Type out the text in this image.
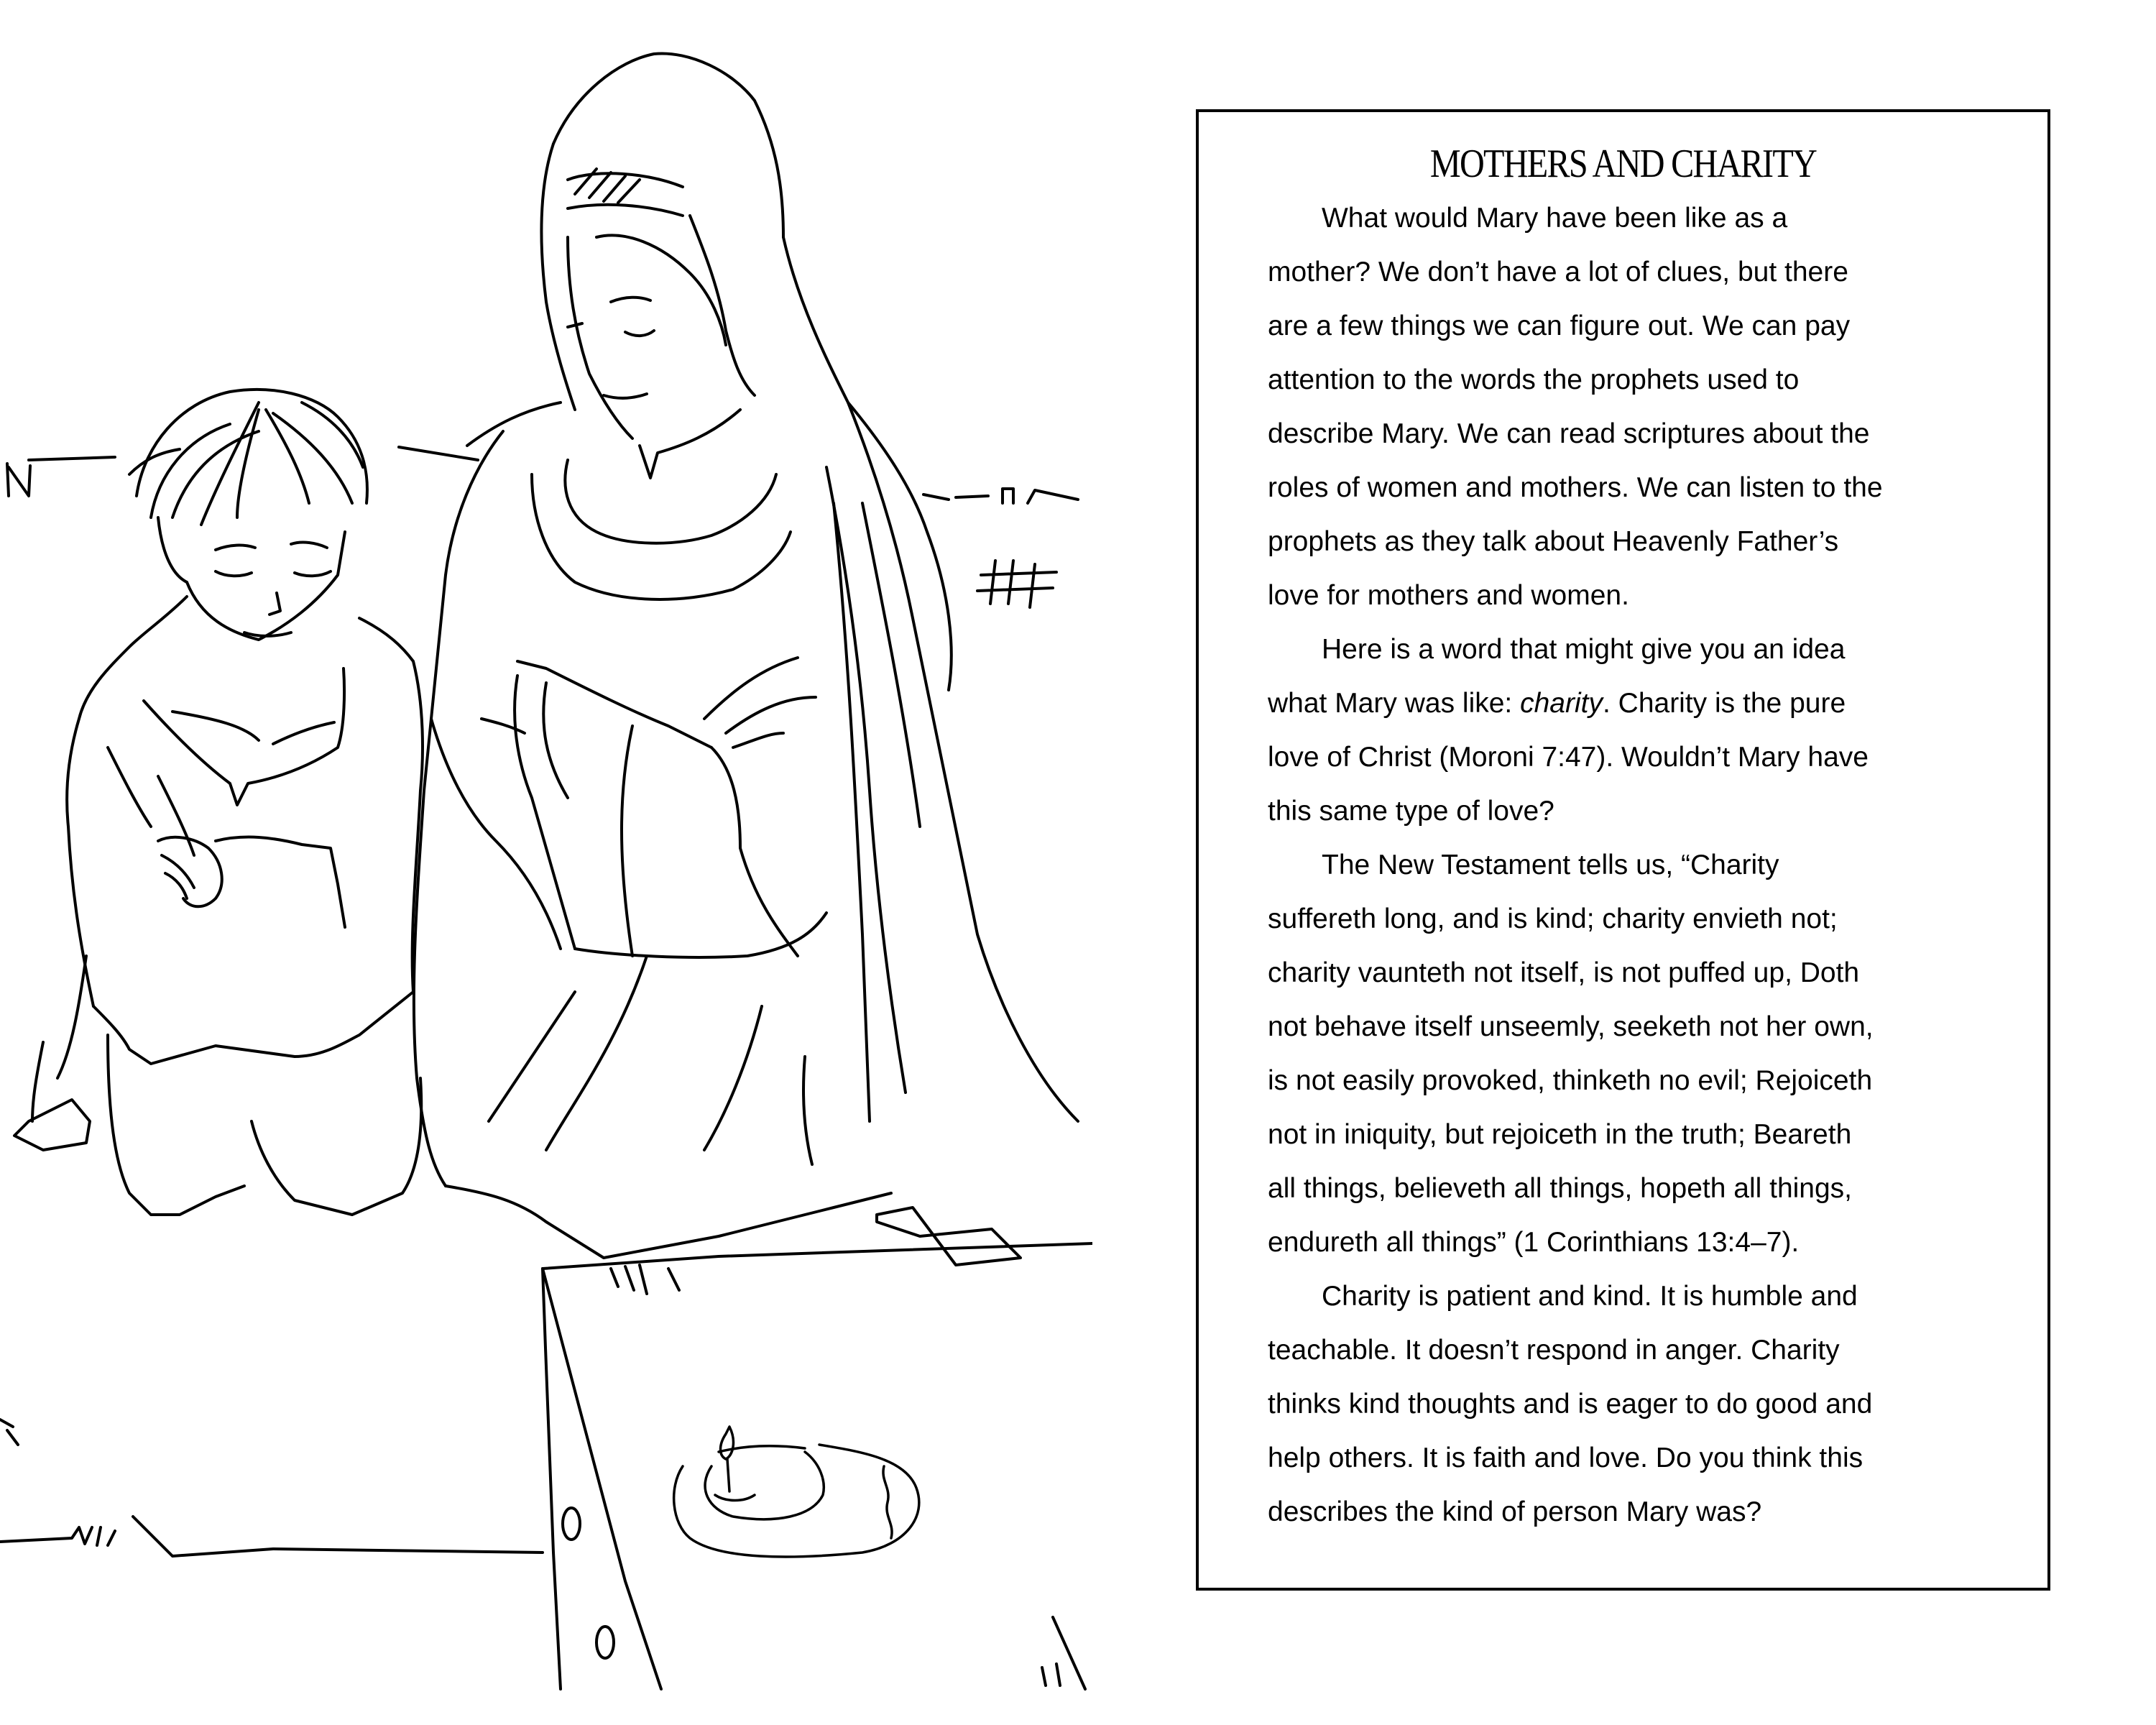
MOTHERS AND CHARITY
What would Mary have been like as a
mother? We don’t have a lot of clues, but there
are a few things we can figure out. We can pay
attention to the words the prophets used to
describe Mary. We can read scriptures about the
roles of women and mothers. We can listen to the
prophets as they talk about Heavenly Father’s
love for mothers and women.
Here is a word that might give you an idea
what Mary was like: charity. Charity is the pure
love of Christ (Moroni 7:47). Wouldn’t Mary have
this same type of love?
The New Testament tells us, “Charity
suffereth long, and is kind; charity envieth not;
charity vaunteth not itself, is not puffed up, Doth
not behave itself unseemly, seeketh not her own,
is not easily provoked, thinketh no evil; Rejoiceth
not in iniquity, but rejoiceth in the truth; Beareth
all things, believeth all things, hopeth all things,
endureth all things” (1 Corinthians 13:4–7).
Charity is patient and kind. It is humble and
teachable. It doesn’t respond in anger. Charity
thinks kind thoughts and is eager to do good and
help others. It is faith and love. Do you think this
describes the kind of person Mary was?
